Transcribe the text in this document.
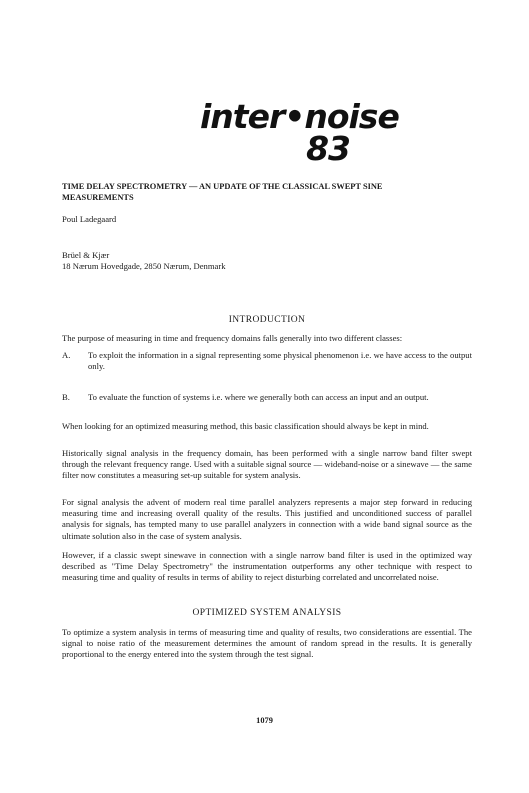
inter•noise
83
TIME DELAY SPECTROMETRY — AN UPDATE OF THE CLASSICAL SWEPT SINE MEASUREMENTS
Poul Ladegaard
Brüel & Kjær
18 Nærum Hovedgade, 2850 Nærum, Denmark
INTRODUCTION

The purpose of measuring in time and frequency domains falls generally into two different classes:

A. To exploit the information in a signal representing some physical phenomenon i.e. we have access to the output only.

B. To evaluate the function of systems i.e. where we generally both can access an input and an output.

When looking for an optimized measuring method, this basic classification should always be kept in mind.

Historically signal analysis in the frequency domain, has been performed with a single narrow band filter swept through the relevant frequency range. Used with a suitable signal source — wideband-noise or a sinewave — the same filter now constitutes a measuring set-up suitable for system analysis.

For signal analysis the advent of modern real time parallel analyzers represents a major step forward in reducing measuring time and increasing overall quality of the results. This justified and unconditioned success of parallel analysis for signals, has tempted many to use parallel analyzers in connection with a wide band signal source as the ultimate solution also in the case of system analysis.

However, if a classic swept sinewave in connection with a single narrow band filter is used in the optimized way described as "Time Delay Spectrometry" the instrumentation outperforms any other technique with respect to measuring time and quality of results in terms of ability to reject disturbing correlated and uncorrelated noise.

OPTIMIZED SYSTEM ANALYSIS

To optimize a system analysis in terms of measuring time and quality of results, two considerations are essential. The signal to noise ratio of the measurement determines the amount of random spread in the results. It is generally proportional to the energy entered into the system through the test signal.

1079
